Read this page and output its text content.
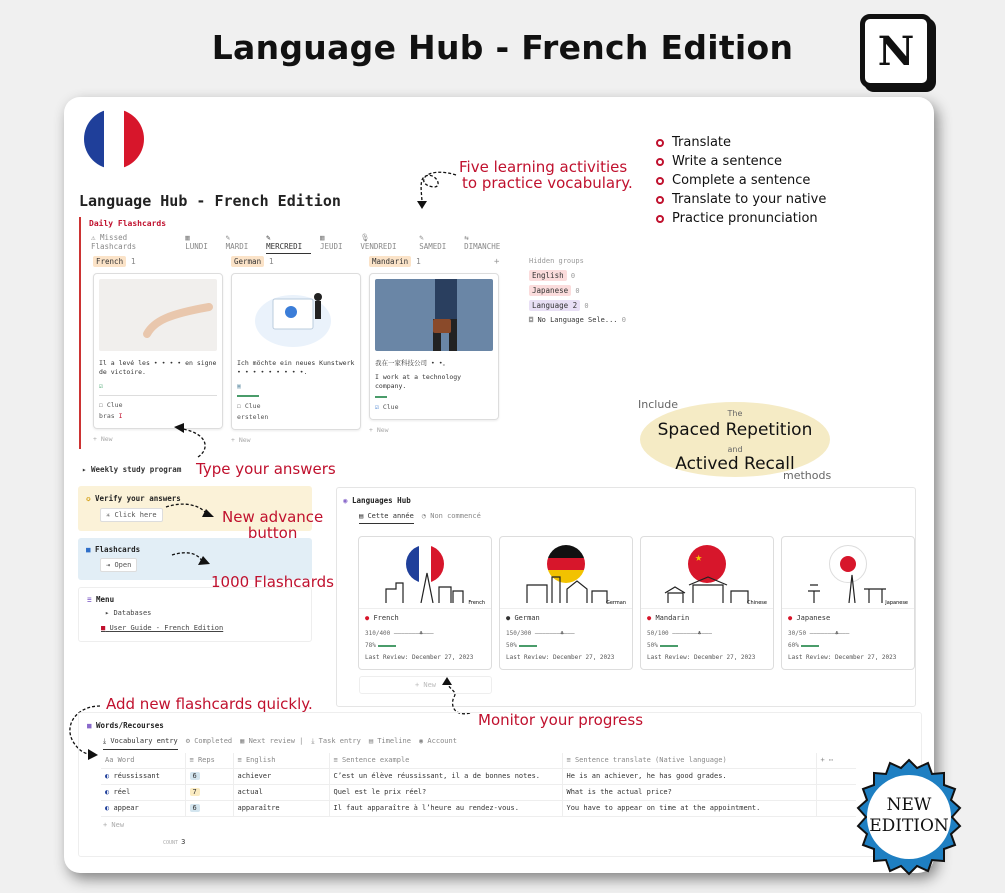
Language Hub - French Edition	N
Language Hub - French Edition
Translate
Write a sentence
Complete a sentence
Translate to your native
Practice pronunciation
Five learning activities
to practice vocabulary.
Daily Flashcards
⚠ Missed Flashcards
▦ LUNDI
✎ MARDI
✎ MERCREDI
▦ JEUDI
🎙 VENDREDI
✎ SAMEDI
⇆ DIMANCHE
French 1
Il a levé les • • • • en signe de victoire.
☑
☐ Clue
bras I
+ New
German 1
Ich möchte ein neues Kunstwerk • • • • • • • • •.
▣
☐ Clue
erstelen
+ New
Mandarin 1
我在一家科技公司 • •。
I work at a technology company.
☑ Clue
+ New
+	Hidden groups
English 0
Japanese 0
Language 2 0
◘ No Language Sele... 0
Include
The
Spaced Repetition
and
Actived Recall
methods
▸ Weekly study program Type your answers
✪ Verify your answers
✳ Click here
■ Flashcards
⇥ Open
≡ Menu
▸ Databases
■ User Guide - French Edition
New advance
button
1000 Flashcards
◉ Languages Hub
▤ Cette année ◔ Non commencé
French
● French
310/400 ‒‒‒‒‒‒‒♣‒‒‒
78%
Last Review: December 27, 2023
German
● German
150/300 ‒‒‒‒‒‒‒♣‒‒‒
50%
Last Review: December 27, 2023
★
Chinese
● Mandarin
50/100 ‒‒‒‒‒‒‒♣‒‒‒
50%
Last Review: December 27, 2023
Japanese
● Japanese
30/50 ‒‒‒‒‒‒‒♣‒‒‒
60%
Last Review: December 27, 2023
+ New
Monitor your progress
Add new flashcards quickly.
■ Words/Recourses
⤓ Vocabulary entry ⚙ Completed ▦ Next review | ⤓ Task entry ▤ Timeline ◉ Account
Aa Word	≡ Reps	≡ English	≡ Sentence example	≡ Sentence translate (Native language)	+ ⋯
◐ réussissant	6	achiever	C’est un élève réussissant, il a de bonnes notes.	He is an achiever, he has good grades.	
◐ réel	7	actual	Quel est le prix réel?	What is the actual price?	
◐ appear	6	apparaître	Il faut apparaître à l’heure au rendez-vous.	You have to appear on time at the appointment.	
+ New
COUNT 3
NEW
EDITION
